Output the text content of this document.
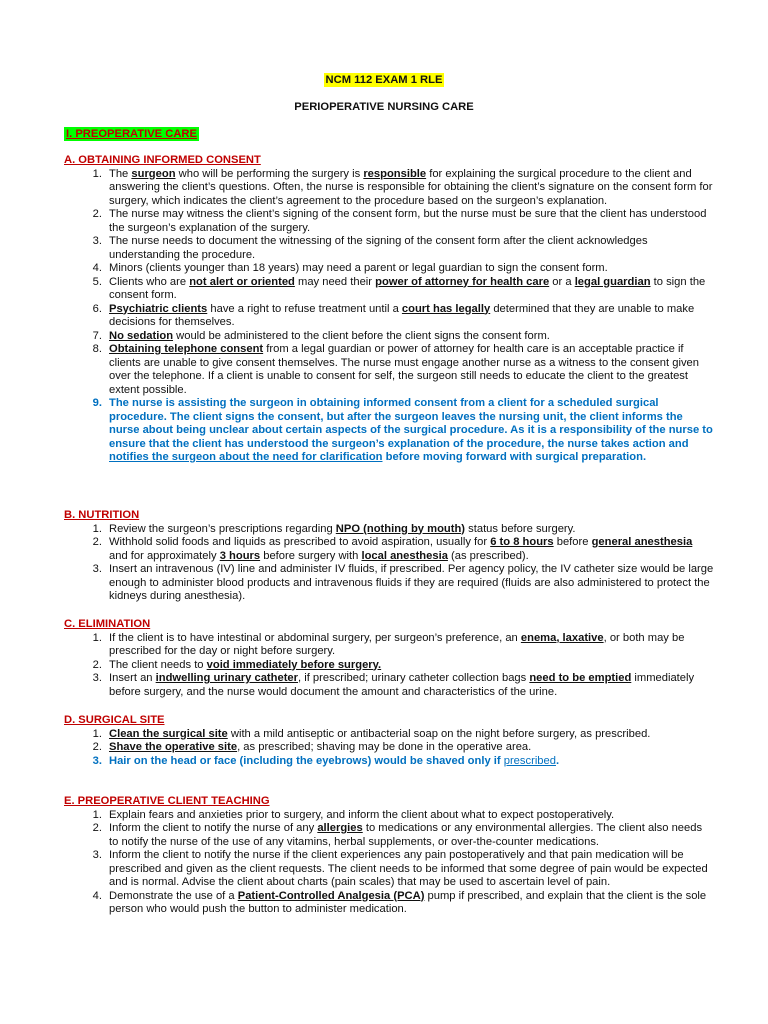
NCM 112 EXAM 1 RLE
PERIOPERATIVE NURSING CARE
I. PREOPERATIVE CARE
A. OBTAINING INFORMED CONSENT
1. The surgeon who will be performing the surgery is responsible for explaining the surgical procedure to the client and answering the client’s questions. Often, the nurse is responsible for obtaining the client’s signature on the consent form for surgery, which indicates the client’s agreement to the procedure based on the surgeon’s explanation.
2. The nurse may witness the client’s signing of the consent form, but the nurse must be sure that the client has understood the surgeon’s explanation of the surgery.
3. The nurse needs to document the witnessing of the signing of the consent form after the client acknowledges understanding the procedure.
4. Minors (clients younger than 18 years) may need a parent or legal guardian to sign the consent form.
5. Clients who are not alert or oriented may need their power of attorney for health care or a legal guardian to sign the consent form.
6. Psychiatric clients have a right to refuse treatment until a court has legally determined that they are unable to make decisions for themselves.
7. No sedation would be administered to the client before the client signs the consent form.
8. Obtaining telephone consent from a legal guardian or power of attorney for health care is an acceptable practice if clients are unable to give consent themselves. The nurse must engage another nurse as a witness to the consent given over the telephone. If a client is unable to consent for self, the surgeon still needs to educate the client to the greatest extent possible.
9. The nurse is assisting the surgeon in obtaining informed consent from a client for a scheduled surgical procedure. The client signs the consent, but after the surgeon leaves the nursing unit, the client informs the nurse about being unclear about certain aspects of the surgical procedure. As it is a responsibility of the nurse to ensure that the client has understood the surgeon’s explanation of the procedure, the nurse takes action and notifies the surgeon about the need for clarification before moving forward with surgical preparation.
B. NUTRITION
1. Review the surgeon’s prescriptions regarding NPO (nothing by mouth) status before surgery.
2. Withhold solid foods and liquids as prescribed to avoid aspiration, usually for 6 to 8 hours before general anesthesia and for approximately 3 hours before surgery with local anesthesia (as prescribed).
3. Insert an intravenous (IV) line and administer IV fluids, if prescribed. Per agency policy, the IV catheter size would be large enough to administer blood products and intravenous fluids if they are required (fluids are also administered to protect the kidneys during anesthesia).
C. ELIMINATION
1. If the client is to have intestinal or abdominal surgery, per surgeon’s preference, an enema, laxative, or both may be prescribed for the day or night before surgery.
2. The client needs to void immediately before surgery.
3. Insert an indwelling urinary catheter, if prescribed; urinary catheter collection bags need to be emptied immediately before surgery, and the nurse would document the amount and characteristics of the urine.
D. SURGICAL SITE
1. Clean the surgical site with a mild antiseptic or antibacterial soap on the night before surgery, as prescribed.
2. Shave the operative site, as prescribed; shaving may be done in the operative area.
3. Hair on the head or face (including the eyebrows) would be shaved only if prescribed.
E. PREOPERATIVE CLIENT TEACHING
1. Explain fears and anxieties prior to surgery, and inform the client about what to expect postoperatively.
2. Inform the client to notify the nurse of any allergies to medications or any environmental allergies. The client also needs to notify the nurse of the use of any vitamins, herbal supplements, or over-the-counter medications.
3. Inform the client to notify the nurse if the client experiences any pain postoperatively and that pain medication will be prescribed and given as the client requests. The client needs to be informed that some degree of pain would be expected and is normal. Advise the client about charts (pain scales) that may be used to ascertain level of pain.
4. Demonstrate the use of a Patient-Controlled Analgesia (PCA) pump if prescribed, and explain that the client is the sole person who would push the button to administer medication.
